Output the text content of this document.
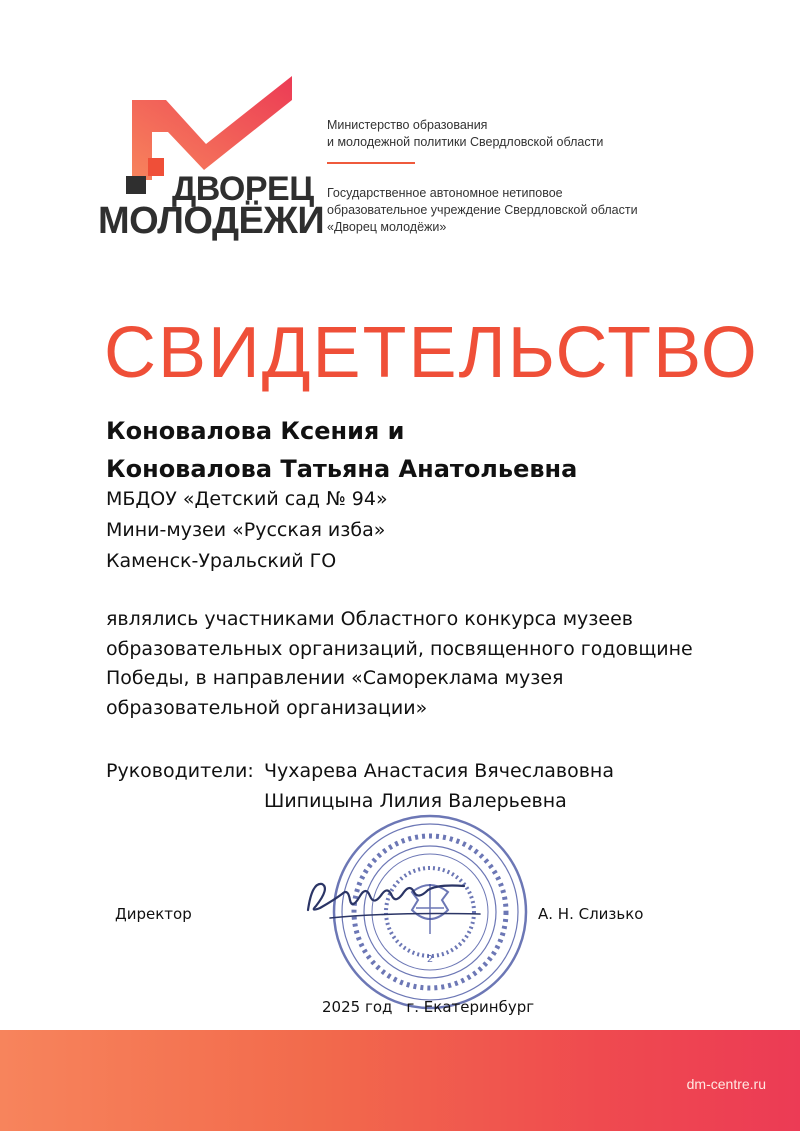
ДВОРЕЦ
МОЛОДЁЖИ

Министерство образования

и молодежной политики Свердловской области

Государственное автономное нетиповое

образовательное учреждение Свердловской области

«Дворец молодёжи»

СВИДЕТЕЛЬСТВО

Коновалова Ксения и

Коновалова Татьяна Анатольевна

МБДОУ «Детский сад № 94»

Мини-музеи «Русская изба»

Каменск-Уральский ГО

являлись участниками Областного конкурса музеев

образовательных организаций, посвященного годовщине

Победы, в направлении «Самореклама музея

образовательной организации»

Руководители: Чухарева Анастасия Вячеславовна
Шипицына Лилия Валерьевна
2
Директор	А. Н. Слизько
2025 год г. Екатеринбург
dm-centre.ru
